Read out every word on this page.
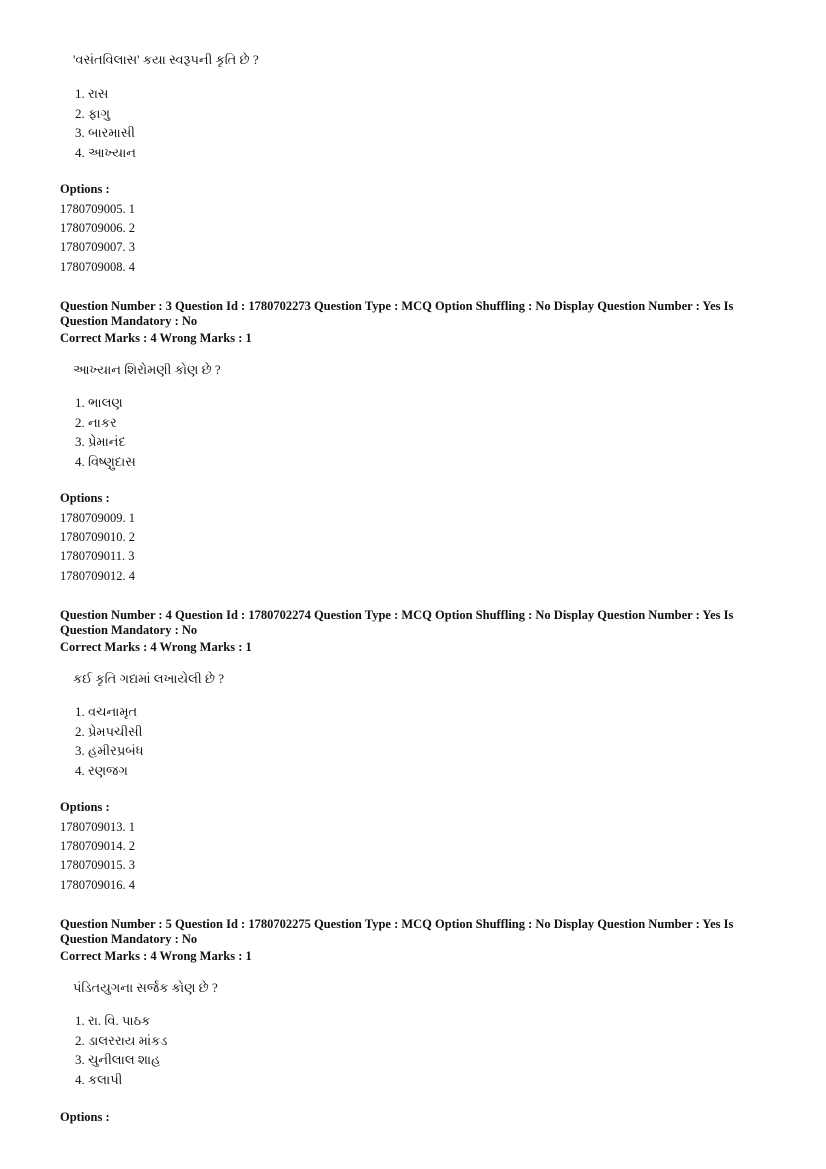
'વસંતવિલાસ' કયા સ્વરૂપની કૃતિ છે ?
1. રાસ
2. ફાગુ
3. બારમાસી
4. આખ્યાન
Options :
1780709005. 1
1780709006. 2
1780709007. 3
1780709008. 4
Question Number : 3 Question Id : 1780702273 Question Type : MCQ Option Shuffling : No Display Question Number : Yes Is Question Mandatory : No
Correct Marks : 4 Wrong Marks : 1
આખ્યાન શિરોમણી કોણ છે ?
1. ભાલણ
2. નાકર
3. પ્રેમાનંદ
4. વિષ્ણુદાસ
Options :
1780709009. 1
1780709010. 2
1780709011. 3
1780709012. 4
Question Number : 4 Question Id : 1780702274 Question Type : MCQ Option Shuffling : No Display Question Number : Yes Is Question Mandatory : No
Correct Marks : 4 Wrong Marks : 1
કઈ કૃતિ ગદ્યમાં લખાયેલી છે ?
1. વચનામૃત
2. પ્રેમપચીસી
3. હમીરપ્રબંધ
4. રણજગ
Options :
1780709013. 1
1780709014. 2
1780709015. 3
1780709016. 4
Question Number : 5 Question Id : 1780702275 Question Type : MCQ Option Shuffling : No Display Question Number : Yes Is Question Mandatory : No
Correct Marks : 4 Wrong Marks : 1
પંડિતયુગના સર્જક કોણ છે ?
1. રા. વિ. પાઠક
2. ડાલરરાય માંકડ
3. ચુનીલાલ શાહ
4. કલાપી
Options :
